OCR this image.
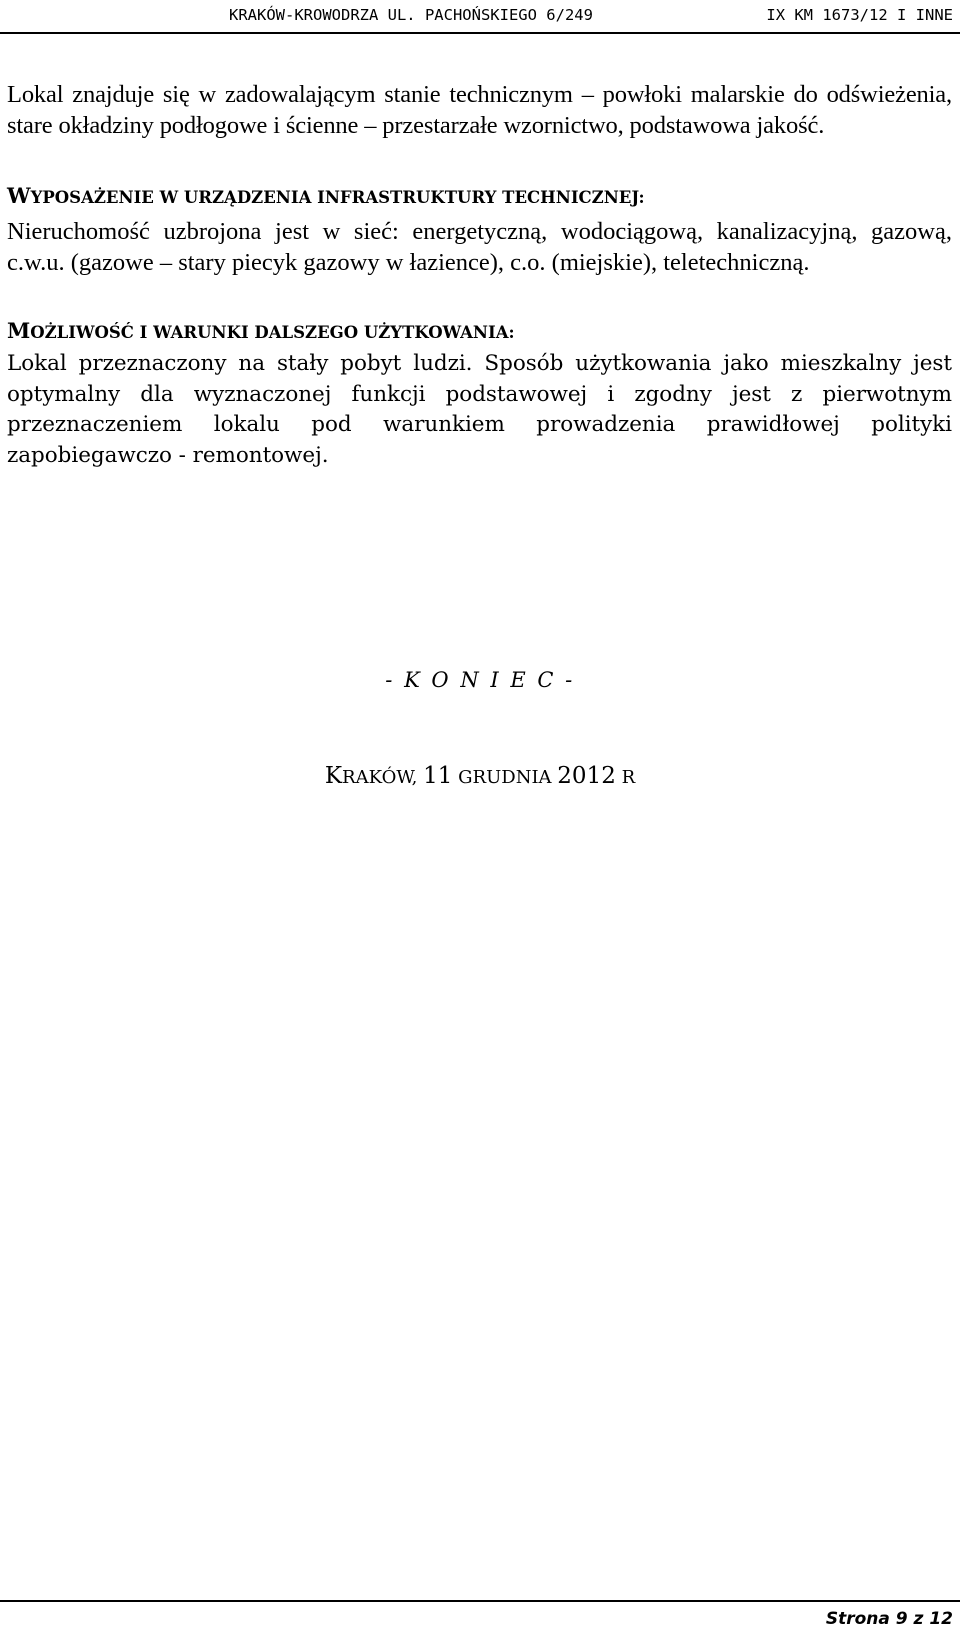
KRAKÓW-KROWODRZA UL. PACHOŃSKIEGO 6/249	IX KM 1673/12 I INNE

Lokal znajduje się w zadowalającym stanie technicznym – powłoki malarskie do odświeżenia, stare okładziny podłogowe i ścienne – przestarzałe wzornictwo, podstawowa jakość.

WYPOSAŻENIE W URZĄDZENIA INFRASTRUKTURY TECHNICZNEJ:

Nieruchomość uzbrojona jest w sieć: energetyczną, wodociągową, kanalizacyjną, gazową, c.w.u. (gazowe – stary piecyk gazowy w łazience), c.o. (miejskie), teletechniczną.

MOŻLIWOŚĆ I WARUNKI DALSZEGO UŻYTKOWANIA:

Lokal przeznaczony na stały pobyt ludzi. Sposób użytkowania jako mieszkalny jest optymalny dla wyznaczonej funkcji podstawowej i zgodny jest z pierwotnym przeznaczeniem lokalu pod warunkiem prowadzenia prawidłowej polityki zapobiegawczo - remontowej.

- K O N I E C -
KRAKÓW, 11 GRUDNIA 2012 R
Strona 9 z 12
